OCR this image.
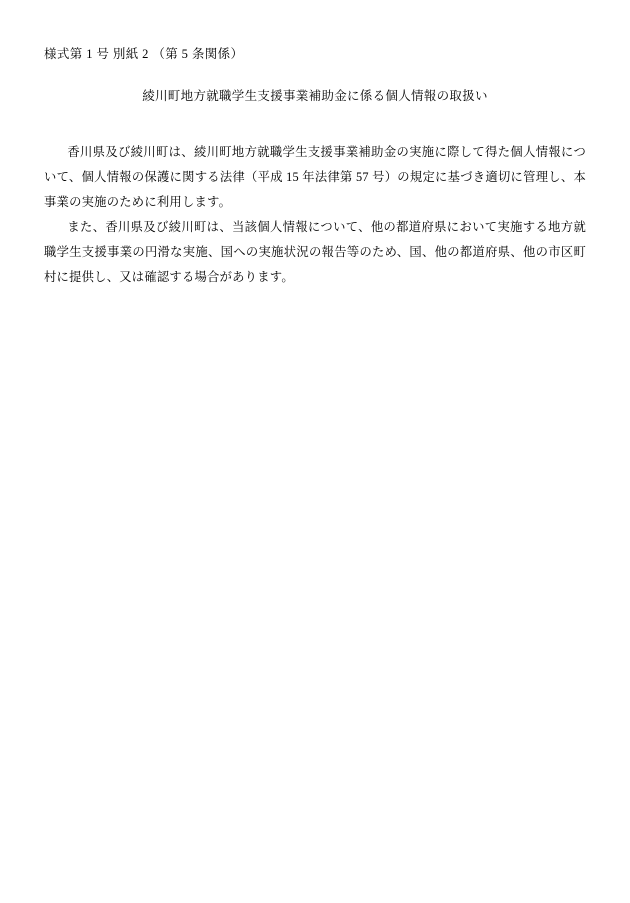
様式第 1 号 別紙 2 （第 5 条関係）
綾川町地方就職学生支援事業補助金に係る個人情報の取扱い

香川県及び綾川町は、綾川町地方就職学生支援事業補助金の実施に際して得た個人情報について、個人情報の保護に関する法律（平成 15 年法律第 57 号）の規定に基づき適切に管理し、本事業の実施のために利用します。

また、香川県及び綾川町は、当該個人情報について、他の都道府県において実施する地方就職学生支援事業の円滑な実施、国への実施状況の報告等のため、国、他の都道府県、他の市区町村に提供し、又は確認する場合があります。
